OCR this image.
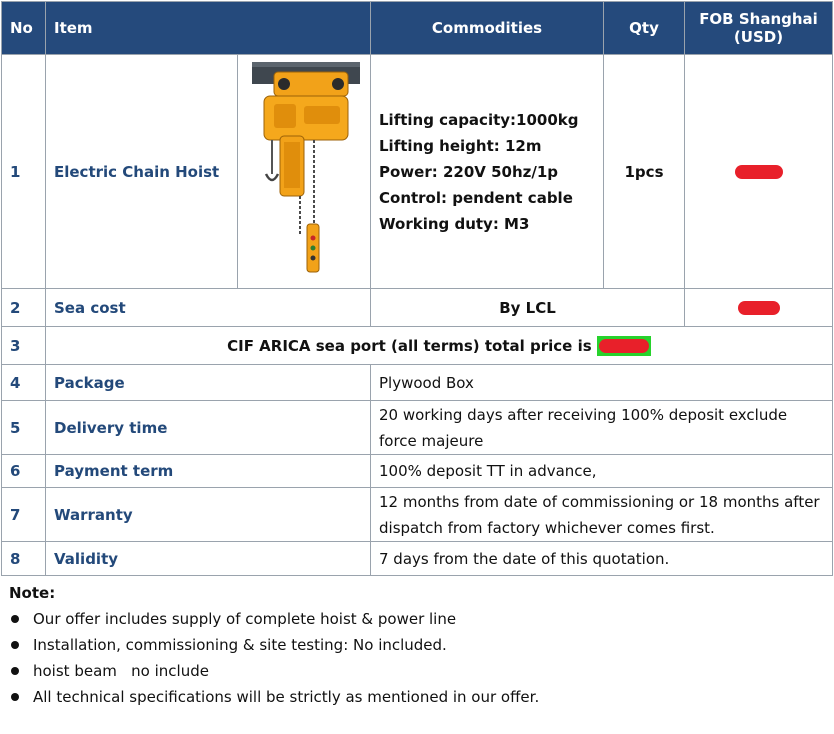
No	Item		Commodities	Qty	FOB Shanghai
(USD)

1	Electric Chain Hoist		Lifting capacity:1000kg
Lifting height: 12m
Power: 220V 50hz/1p
Control: pendent cable
Working duty: M3	1pcs	
2	Sea cost		By LCL		
3	CIF ARICA sea port (all terms) total price is				
4	Package		Plywood Box		
5	Delivery time		20 working days after receiving 100% deposit exclude force majeure		
6	Payment term		100% deposit TT in advance,		
7	Warranty		12 months from date of commissioning or 18 months after dispatch from factory whichever comes first.		
8	Validity		7 days from the date of this quotation.		
Note:
Our offer includes supply of complete hoist & power line
Installation, commissioning & site testing: No included.
hoist beam   no include
All technical specifications will be strictly as mentioned in our offer.
